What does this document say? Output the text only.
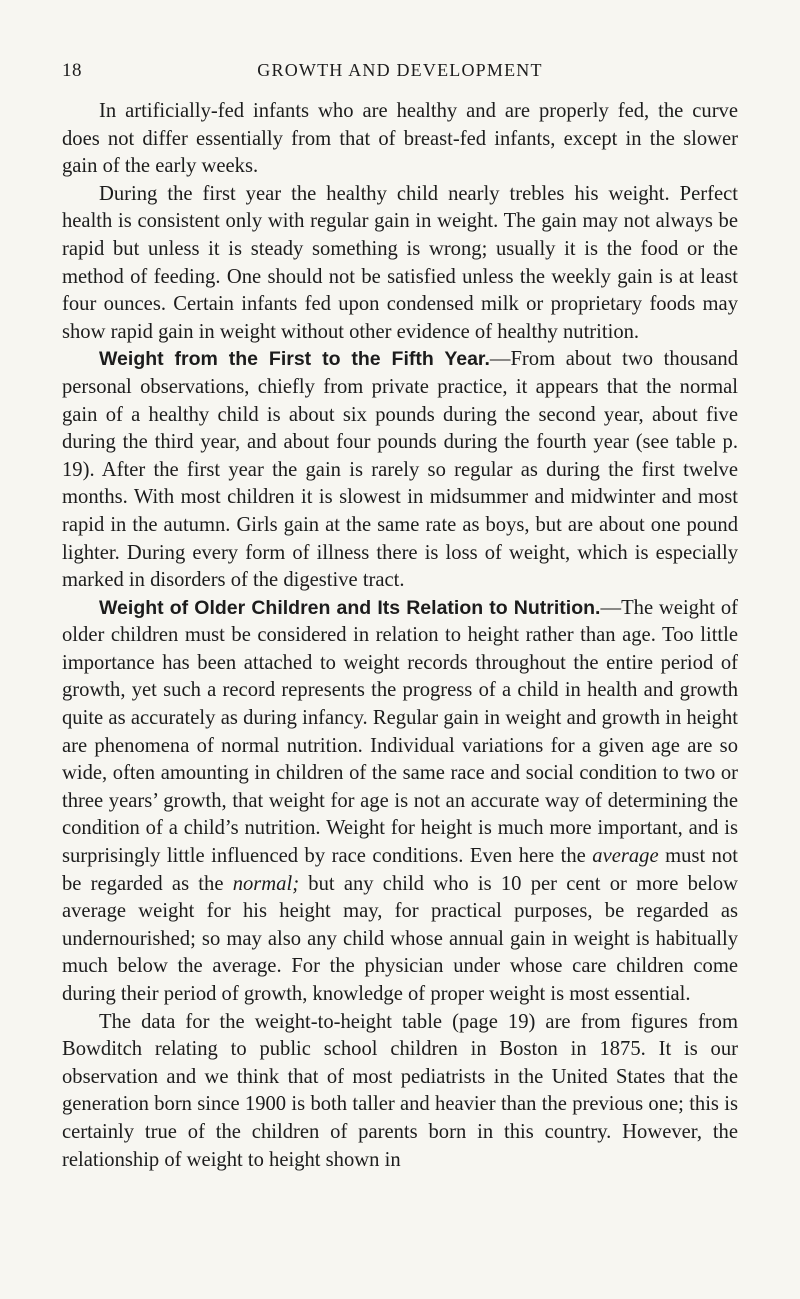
18	GROWTH AND DEVELOPMENT

In artificially-fed infants who are healthy and are properly fed, the curve does not differ essentially from that of breast-fed infants, except in the slower gain of the early weeks.

During the first year the healthy child nearly trebles his weight. Perfect health is consistent only with regular gain in weight. The gain may not always be rapid but unless it is steady something is wrong; usually it is the food or the method of feeding. One should not be satisfied unless the weekly gain is at least four ounces. Certain infants fed upon condensed milk or proprietary foods may show rapid gain in weight without other evidence of healthy nutrition.

Weight from the First to the Fifth Year.—From about two thousand personal observations, chiefly from private practice, it appears that the normal gain of a healthy child is about six pounds during the second year, about five during the third year, and about four pounds during the fourth year (see table p. 19). After the first year the gain is rarely so regular as during the first twelve months. With most children it is slowest in midsummer and midwinter and most rapid in the autumn. Girls gain at the same rate as boys, but are about one pound lighter. During every form of illness there is loss of weight, which is especially marked in disorders of the digestive tract.

Weight of Older Children and Its Relation to Nutrition.—The weight of older children must be considered in relation to height rather than age. Too little importance has been attached to weight records throughout the entire period of growth, yet such a record represents the progress of a child in health and growth quite as accurately as during infancy. Regular gain in weight and growth in height are phenomena of normal nutrition. Individual variations for a given age are so wide, often amounting in children of the same race and social condition to two or three years’ growth, that weight for age is not an accurate way of determining the condition of a child’s nutrition. Weight for height is much more important, and is surprisingly little influenced by race conditions. Even here the average must not be regarded as the normal; but any child who is 10 per cent or more below average weight for his height may, for practical purposes, be regarded as undernourished; so may also any child whose annual gain in weight is habitually much below the average. For the physician under whose care children come during their period of growth, knowledge of proper weight is most essential.

The data for the weight-to-height table (page 19) are from figures from Bowditch relating to public school children in Boston in 1875. It is our observation and we think that of most pediatrists in the United States that the generation born since 1900 is both taller and heavier than the previous one; this is certainly true of the children of parents born in this country. However, the relationship of weight to height shown in
